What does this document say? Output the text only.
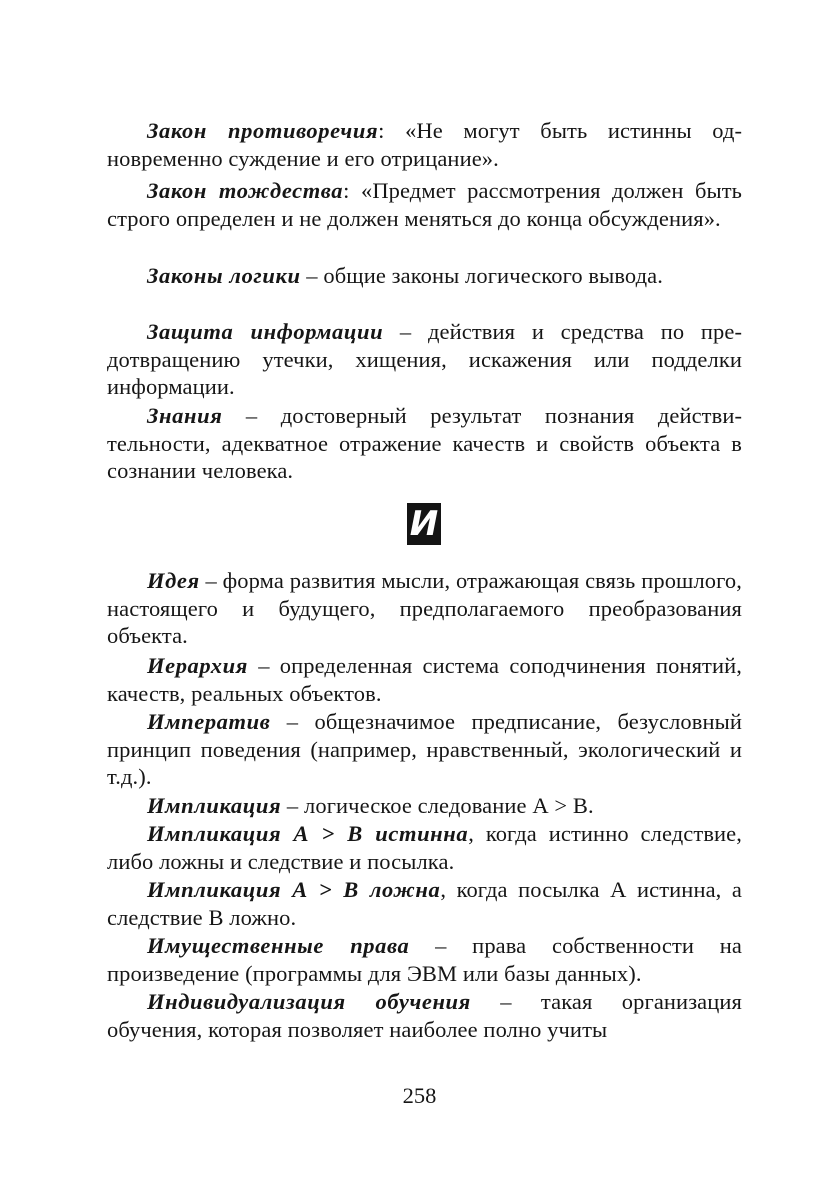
Закон противоречия: «Не могут быть истинны одновременно суждение и его отрицание».

Закон тождества: «Предмет рассмотрения должен быть строго определен и не должен меняться до конца обсуждения».

Законы логики – общие законы логического вывода.

Защита информации – действия и средства по предотвращению утечки, хищения, искажения или подделки информации.

Знания – достоверный результат познания действительности, адекватное отражение качеств и свойств объекта в сознании человека.

И

Идея – форма развития мысли, отражающая связь прошлого, настоящего и будущего, предполагаемого преобразования объекта.

Иерархия – определенная система соподчинения понятий, качеств, реальных объектов.

Императив – общезначимое предписание, безусловный принцип поведения (например, нравственный, экологический и т.д.).

Импликация – логическое следование А > В.

Импликация А > В истинна, когда истинно следствие, либо ложны и следствие и посылка.

Импликация А > В ложна, когда посылка А истинна, а следствие В ложно.

Имущественные права – права собственности на произведение (программы для ЭВМ или базы данных).

Индивидуализация обучения – такая организация обучения, которая позволяет наиболее полно учиты

258
